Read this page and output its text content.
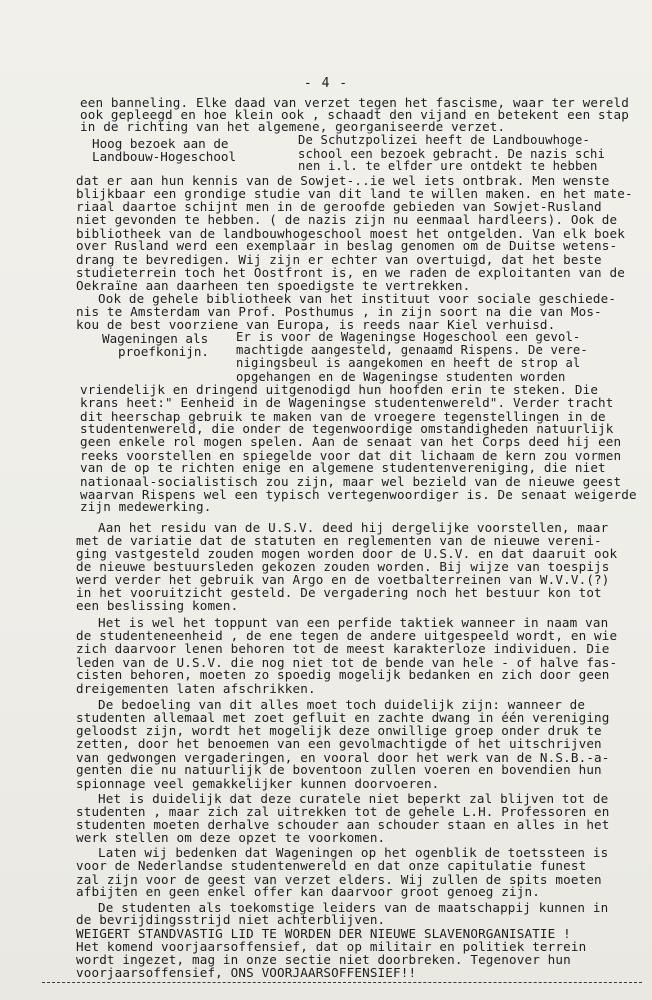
- 4 -
Hoog bezoek aan de
Landbouw-Hogeschool
Wageningen als
proefkonijn.
een banneling. Elke daad van verzet tegen het fascisme, waar ter wereld
ook gepleegd en hoe klein ook , schaadt den vijand en betekent een stap
in de richting van het algemene, georganiseerde verzet.
De Schutzpolizei heeft de Landbouwhoge-
school een bezoek gebracht. De nazis schi
nen i.l. te elfder ure ontdekt te hebben
dat er aan hun kennis van de Sowjet-..ie wel iets ontbrak. Men wenste
blijkbaar een grondige studie van dit land te willen maken. en het mate-
riaal daartoe schijnt men in de geroofde gebieden van Sowjet-Rusland
niet gevonden te hebben. ( de nazis zijn nu eenmaal hardleers). Ook de
bibliotheek van de landbouwhogeschool moest het ontgelden. Van elk boek
over Rusland werd een exemplaar in beslag genomen om de Duitse wetens-
drang te bevredigen. Wij zijn er echter van overtuigd, dat het beste
studieterrein toch het Oostfront is, en we raden de exploitanten van de
Oekraïne aan daarheen ten spoedigste te vertrekken.
Ook de gehele bibliotheek van het instituut voor sociale geschiede-
nis te Amsterdam van Prof. Posthumus , in zijn soort na die van Mos-
kou de best voorziene van Europa, is reeds naar Kiel verhuisd.
Er is voor de Wageningse Hogeschool een gevol-
machtigde aangesteld, genaamd Rispens. De vere-
nigingsbeul is aangekomen en heeft de strop al
opgehangen en de Wageningse studenten worden
vriendelijk en dringend uitgenodigd hun hoofden erin te steken. Die
krans heet:" Eenheid in de Wageningse studentenwereld". Verder tracht
dit heerschap gebruik te maken van de vroegere tegenstellingen in de
studentenwereld, die onder de tegenwoordige omstandigheden natuurlijk
geen enkele rol mogen spelen. Aan de senaat van het Corps deed hij een
reeks voorstellen en spiegelde voor dat dit lichaam de kern zou vormen
van de op te richten enige en algemene studentenvereniging, die niet
nationaal-socialistisch zou zijn, maar wel bezield van de nieuwe geest
waarvan Rispens wel een typisch vertegenwoordiger is. De senaat weigerde
zijn medewerking.
Aan het residu van de U.S.V. deed hij dergelijke voorstellen, maar
met de variatie dat de statuten en reglementen van de nieuwe vereni-
ging vastgesteld zouden mogen worden door de U.S.V. en dat daaruit ook
de nieuwe bestuursleden gekozen zouden worden. Bij wijze van toespijs
werd verder het gebruik van Argo en de voetbalterreinen van W.V.V.(?)
in het vooruitzicht gesteld. De vergadering noch het bestuur kon tot
een beslissing komen.
Het is wel het toppunt van een perfide taktiek wanneer in naam van
de studenteneenheid , de ene tegen de andere uitgespeeld wordt, en wie
zich daarvoor lenen behoren tot de meest karakterloze individuen. Die
leden van de U.S.V. die nog niet tot de bende van hele - of halve fas-
cisten behoren, moeten zo spoedig mogelijk bedanken en zich door geen
dreigementen laten afschrikken.
De bedoeling van dit alles moet toch duidelijk zijn: wanneer de
studenten allemaal met zoet gefluit en zachte dwang in één vereniging
geloodst zijn, wordt het mogelijk deze onwillige groep onder druk te
zetten, door het benoemen van een gevolmachtigde of het uitschrijven
van gedwongen vergaderingen, en vooral door het werk van de N.S.B.-a-
genten die nu natuurlijk de boventoon zullen voeren en bovendien hun
spionnage veel gemakkelijker kunnen doorvoeren.
Het is duidelijk dat deze curatele niet beperkt zal blijven tot de
studenten , maar zich zal uitrekken tot de gehele L.H. Professoren en
studenten moeten derhalve schouder aan schouder staan en alles in het
werk stellen om deze opzet te voorkomen.
Laten wij bedenken dat Wageningen op het ogenblik de toetssteen is
voor de Nederlandse studentenwereld en dat onze capitulatie funest
zal zijn voor de geest van verzet elders. Wij zullen de spits moeten
afbijten en geen enkel offer kan daarvoor groot genoeg zijn.
De studenten als toekomstige leiders van de maatschappij kunnen in
de bevrijdingsstrijd niet achterblijven.
WEIGERT STANDVASTIG LID TE WORDEN DER NIEUWE SLAVENORGANISATIE !
Het komend voorjaarsoffensief, dat op militair en politiek terrein
wordt ingezet, mag in onze sectie niet doorbreken. Tegenover hun
voorjaarsoffensief, ONS VOORJAARSOFFENSIEF!!
